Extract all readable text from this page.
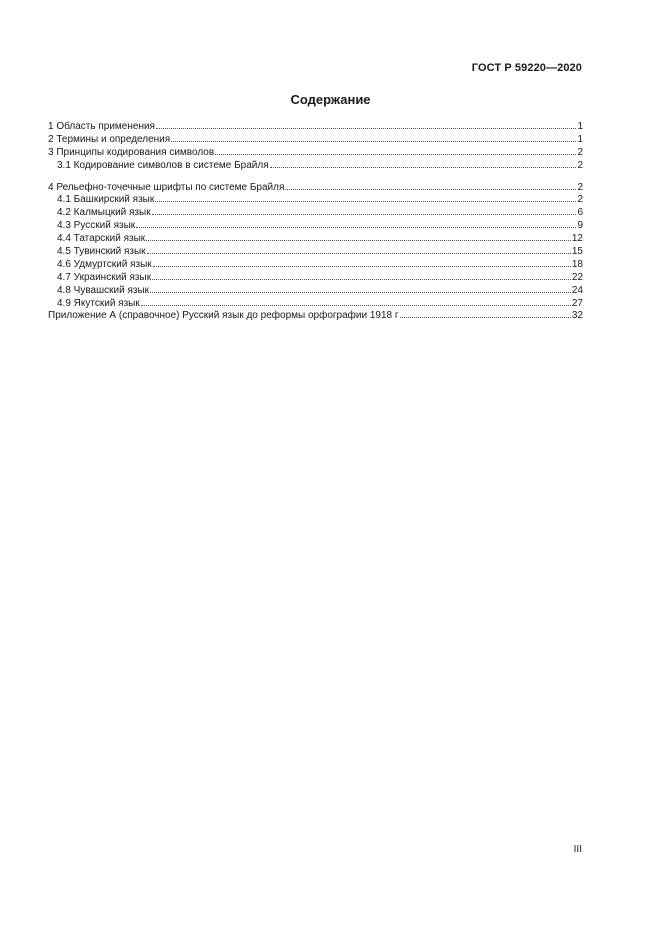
ГОСТ Р 59220—2020
Содержание
1 Область применения	1
2 Термины и определения	1
3 Принципы кодирования символов	2
3.1 Кодирование символов в системе Брайля	2
4 Рельефно-точечные шрифты по системе Брайля	2
4.1 Башкирский язык	2
4.2 Калмыцкий язык	6
4.3 Русский язык	9
4.4 Татарский язык	12
4.5 Тувинский язык	15
4.6 Удмуртский язык	18
4.7 Украинский язык	22
4.8 Чувашский язык	24
4.9 Якутский язык	27
Приложение А (справочное) Русский язык до реформы орфографии 1918 г	32
III
